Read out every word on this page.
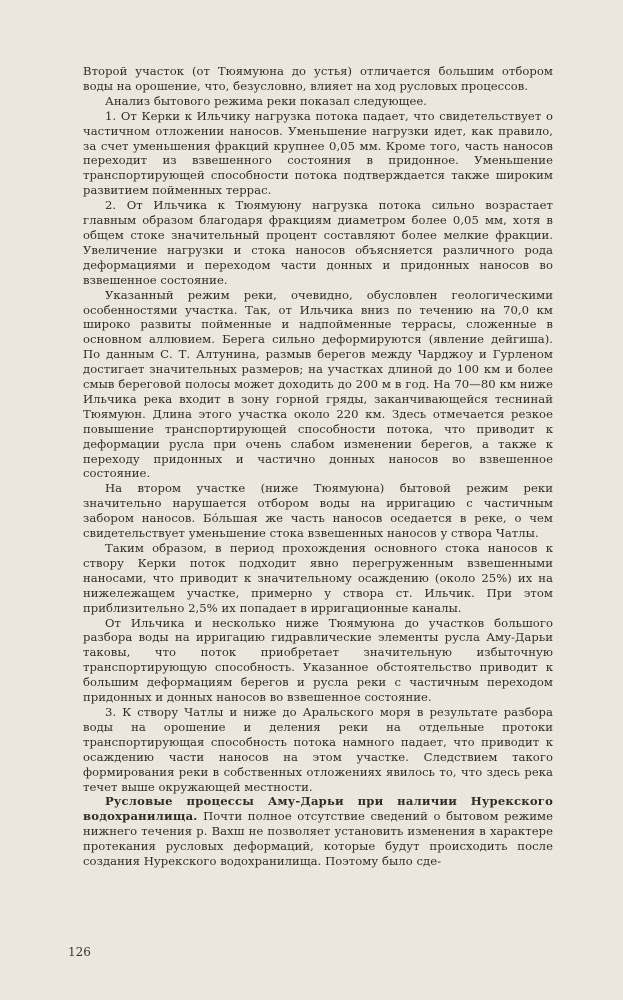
Второй участок (от Тюямуюна до устья) отличается большим отбором воды на орошение, что, безусловно, влияет на ход русловых процессов.

Анализ бытового режима реки показал следующее.

1. От Керки к Ильчику нагрузка потока падает, что свидетельствует о частичном отложении наносов. Уменьшение нагрузки идет, как правило, за счет уменьшения фракций крупнее 0,05 мм. Кроме того, часть наносов переходит из взвешенного состояния в придонное. Уменьшение транспортирующей способности потока подтверждается также широким развитием пойменных террас.

2. От Ильчика к Тюямуюну нагрузка потока сильно возрастает главным образом благодаря фракциям диаметром более 0,05 мм, хотя в общем стоке значительный процент составляют более мелкие фракции. Увеличение нагрузки и стока наносов объясняется различного рода деформациями и переходом части донных и придонных наносов во взвешенное состояние.

Указанный режим реки, очевидно, обусловлен геологическими особенностями участка. Так, от Ильчика вниз по течению на 70,0 км широко развиты пойменные и надпойменные террасы, сложенные в основном аллювием. Берега сильно деформируются (явление дейгиша). По данным С. Т. Алтунина, размыв берегов между Чарджоу и Гурленом достигает значительных размеров; на участках длиной до 100 км и более смыв береговой полосы может доходить до 200 м в год. На 70—80 км ниже Ильчика река входит в зону горной гряды, заканчивающейся теснинай Тюямуюн. Длина этого участка около 220 км. Здесь отмечается резкое повышение транспортирующей способности потока, что приводит к деформации русла при очень слабом изменении берегов, а также к переходу придонных и частично донных наносов во взвешенное состояние.

На втором участке (ниже Тюямуюна) бытовой режим реки значительно нарушается отбором воды на ирригацию с частичным забором наносов. Бо́льшая же часть наносов оседается в реке, о чем свидетельствует уменьшение стока взвешенных наносов у створа Чатлы.

Таким образом, в период прохождения основного стока наносов к створу Керки поток подходит явно перегруженным взвешенными наносами, что приводит к значительному осаждению (около 25%) их на нижележащем участке, примерно у створа ст. Ильчик. При этом приблизительно 2,5% их попадает в ирригационные каналы.

От Ильчика и несколько ниже Тюямуюна до участков большого разбора воды на ирригацию гидравлические элементы русла Аму-Дарьи таковы, что поток приобретает значительную избыточную транспортирующую способность. Указанное обстоятельство приводит к большим деформациям берегов и русла реки с частичным переходом придонных и донных наносов во взвешенное состояние.

3. К створу Чатлы и ниже до Аральского моря в результате разбора воды на орошение и деления реки на отдельные протоки транспортирующая способность потока намного падает, что приводит к осаждению части наносов на этом участке. Следствием такого формирования реки в собственных отложениях явилось то, что здесь река течет выше окружающей местности.

Русловые процессы Аму-Дарьи при наличии Нурекского водохранилища. Почти полное отсутствие сведений о бытовом режиме нижнего течения р. Вахш не позволяет установить изменения в характере протекания русловых деформаций, которые будут происходить после создания Нурекского водохранилища. Поэтому было сде-

126
